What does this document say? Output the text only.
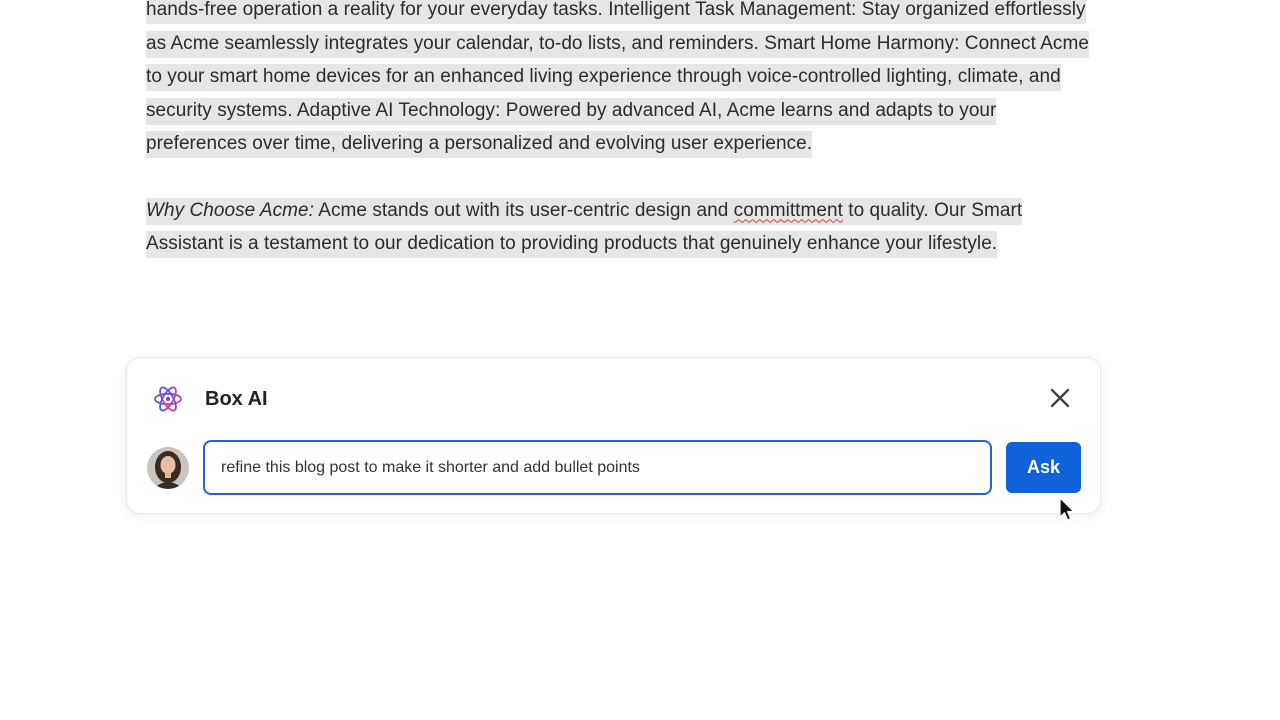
hands-free operation a reality for your everyday tasks. Intelligent Task Management: Stay organized effortlessly as Acme seamlessly integrates your calendar, to-do lists, and reminders. Smart Home Harmony: Connect Acme to your smart home devices for an enhanced living experience through voice-controlled lighting, climate, and security systems. Adaptive AI Technology: Powered by advanced AI, Acme learns and adapts to your preferences over time, delivering a personalized and evolving user experience.

Why Choose Acme: Acme stands out with its user-centric design and committment to quality. Our Smart Assistant is a testament to our dedication to providing products that genuinely enhance your lifestyle.

Box AI
refine this blog post to make it shorter and add bullet points
Ask
